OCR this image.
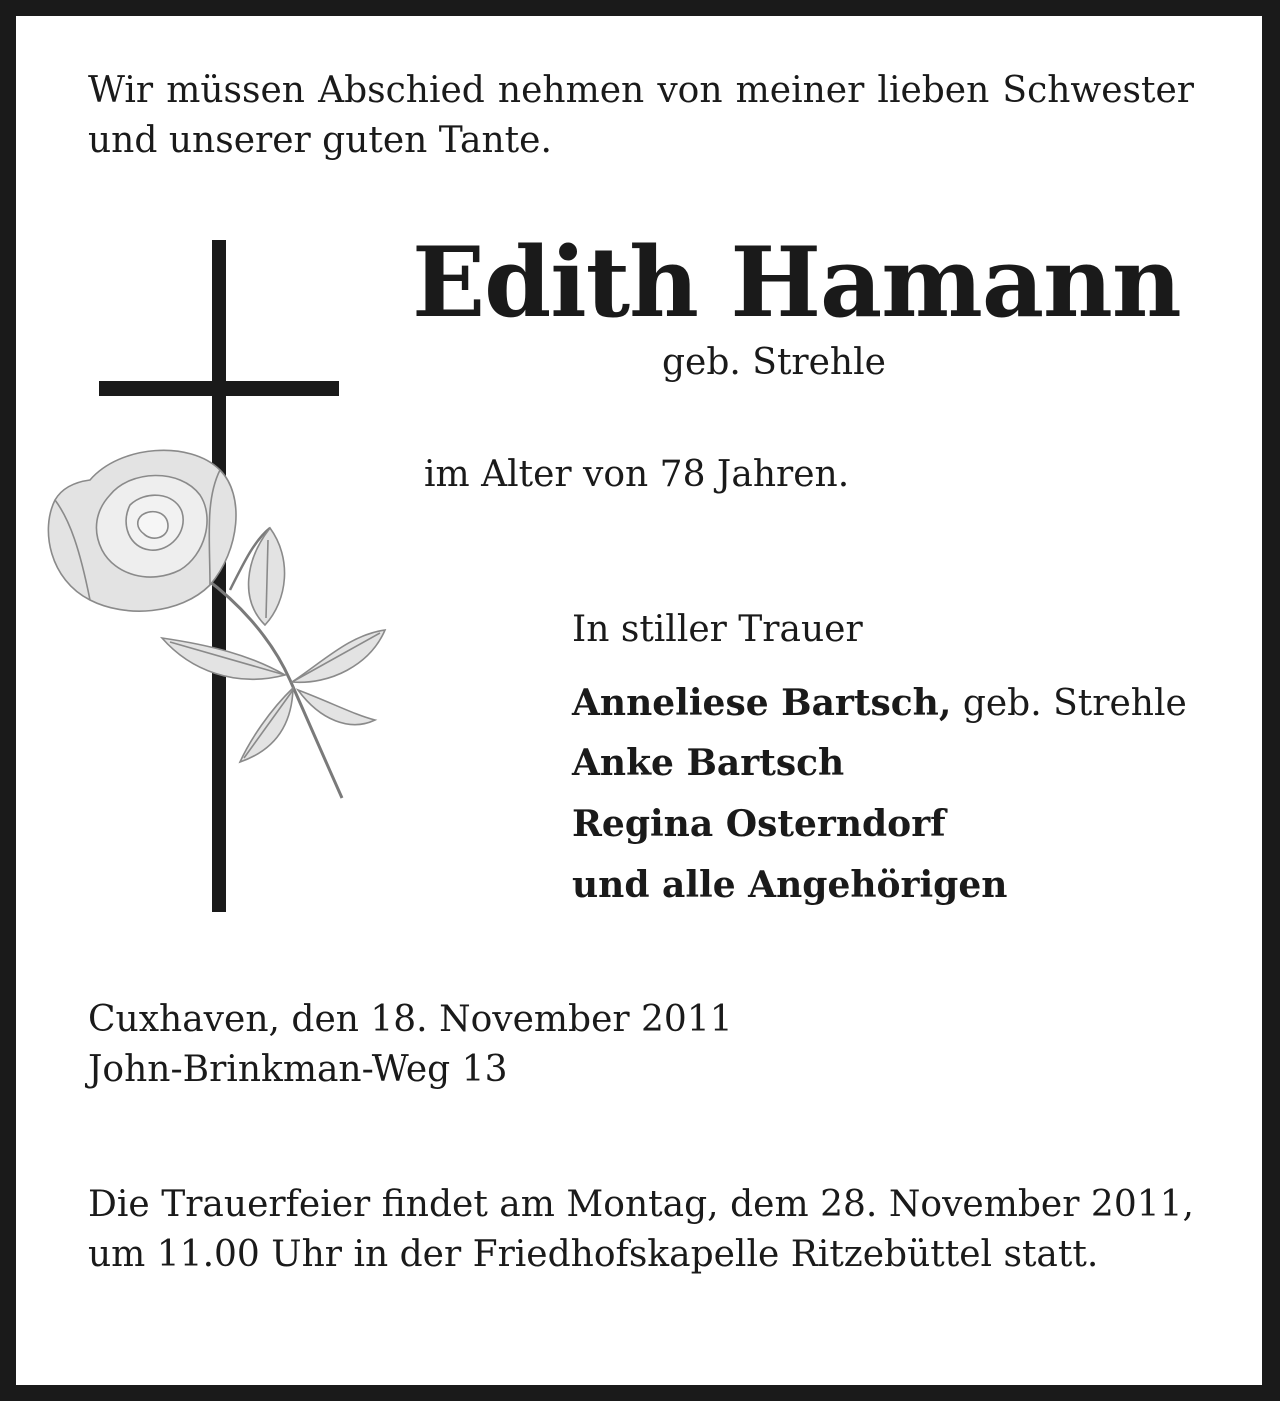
Wir müssen Abschied nehmen von meiner lieben Schwester und unserer guten Tante.
Edith Hamann
geb. Strehle
im Alter von 78 Jahren.
In stiller Trauer
Anneliese Bartsch, geb. Strehle
Anke Bartsch
Regina Osterndorf
und alle Angehörigen
Cuxhaven, den 18. November 2011
John-Brinkman-Weg 13
Die Trauerfeier findet am Montag, dem 28. November 2011, um 11.00 Uhr in der Friedhofskapelle Ritzebüttel statt.
